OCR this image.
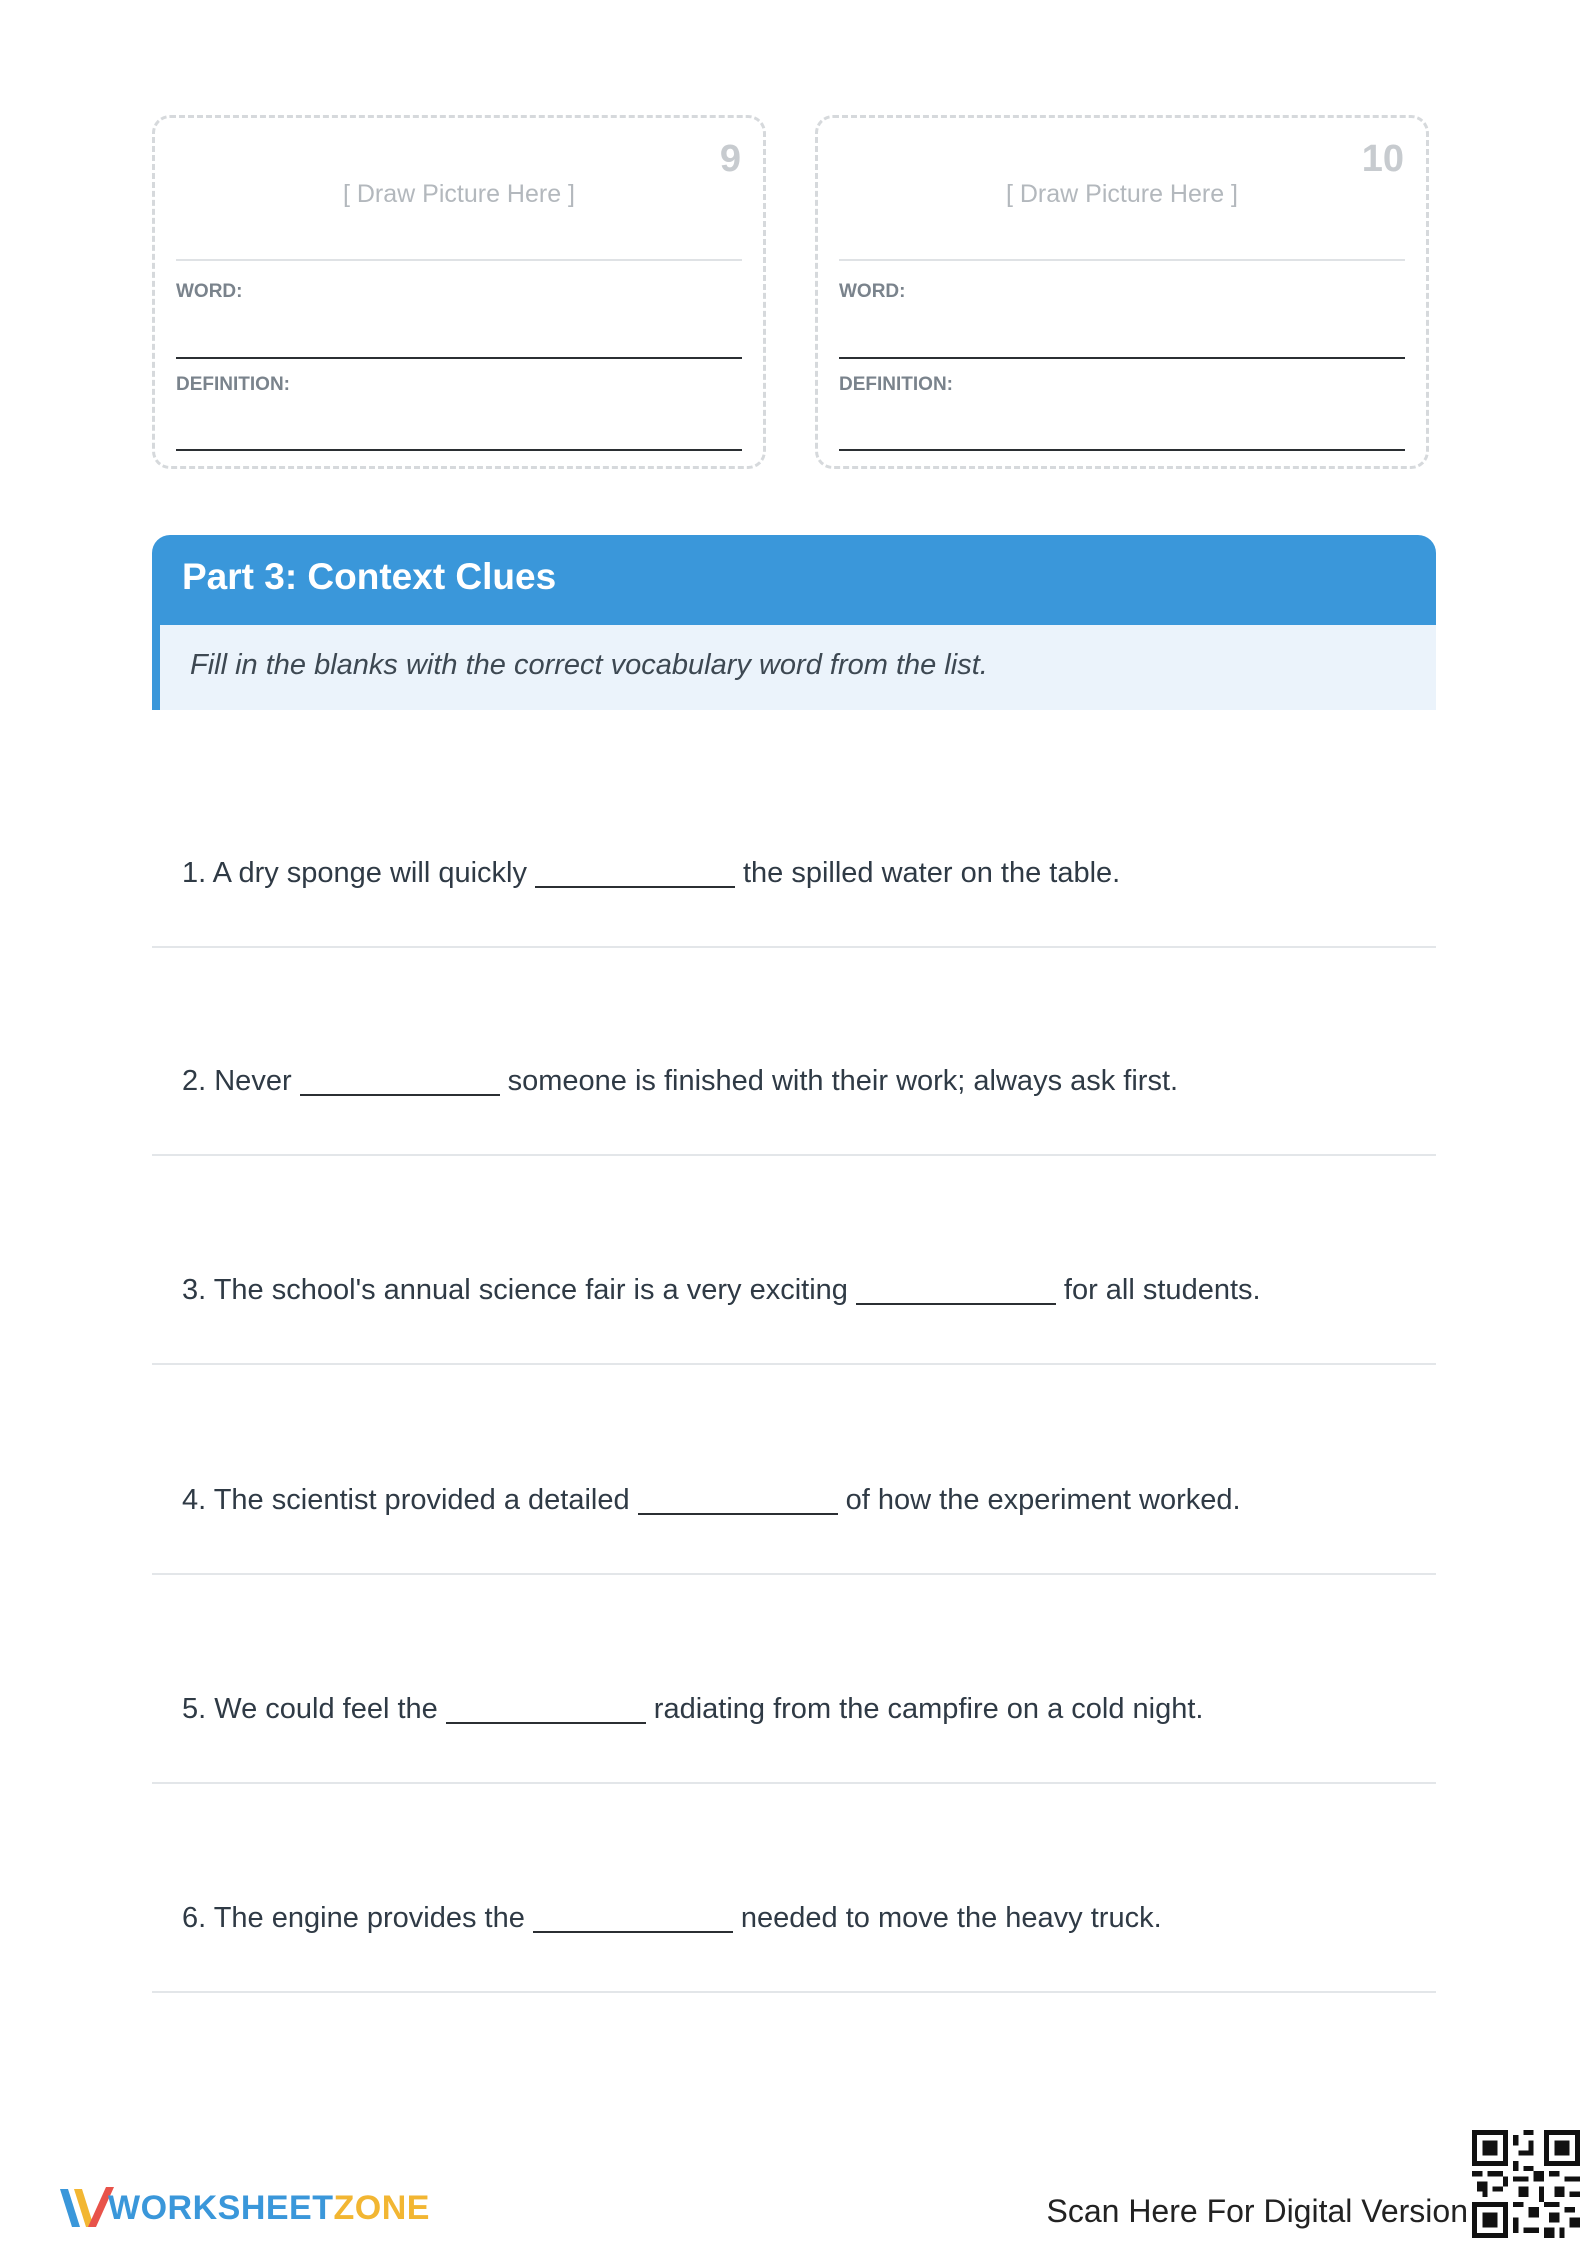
9
[ Draw Picture Here ]
WORD:
DEFINITION:
10
[ Draw Picture Here ]
WORD:
DEFINITION:
Part 3: Context Clues
Fill in the blanks with the correct vocabulary word from the list.
1. A dry sponge will quickly	the spilled water on the table.
2. Never	someone is finished with their work; always ask first.
3. The school's annual science fair is a very exciting	for all students.
4. The scientist provided a detailed	of how the experiment worked.
5. We could feel the	radiating from the campfire on a cold night.
6. The engine provides the	needed to move the heavy truck.
WORKSHEETZONE	Scan Here For Digital Version
